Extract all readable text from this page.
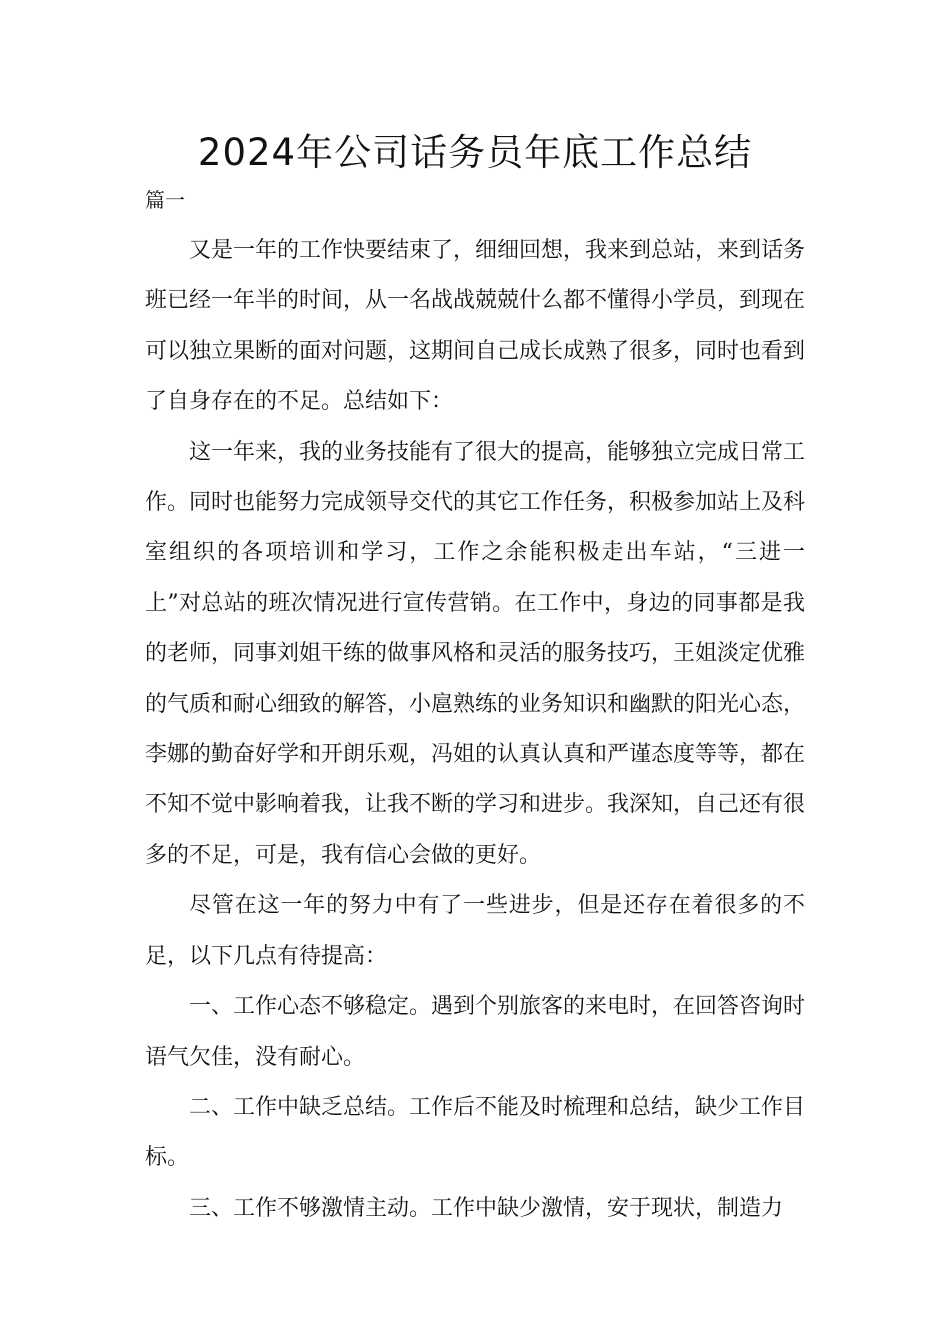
2024年公司话务员年底工作总结

篇一

又是一年的工作快要结束了，细细回想，我来到总站，来到话务班已经一年半的时间，从一名战战兢兢什么都不懂得小学员，到现在可以独立果断的面对问题，这期间自己成长成熟了很多，同时也看到了自身存在的不足。总结如下：

这一年来，我的业务技能有了很大的提高，能够独立完成日常工作。同时也能努力完成领导交代的其它工作任务，积极参加站上及科室组织的各项培训和学习，工作之余能积极走出车站，“三进一上”对总站的班次情况进行宣传营销。在工作中，身边的同事都是我的老师，同事刘姐干练的做事风格和灵活的服务技巧，王姐淡定优雅的气质和耐心细致的解答，小扈熟练的业务知识和幽默的阳光心态，李娜的勤奋好学和开朗乐观，冯姐的认真认真和严谨态度等等，都在不知不觉中影响着我，让我不断的学习和进步。我深知，自己还有很多的不足，可是，我有信心会做的更好。

尽管在这一年的努力中有了一些进步，但是还存在着很多的不足，以下几点有待提高：

一、工作心态不够稳定。遇到个别旅客的来电时，在回答咨询时语气欠佳，没有耐心。

二、工作中缺乏总结。工作后不能及时梳理和总结，缺少工作目标。

三、工作不够激情主动。工作中缺少激情，安于现状，制造力
